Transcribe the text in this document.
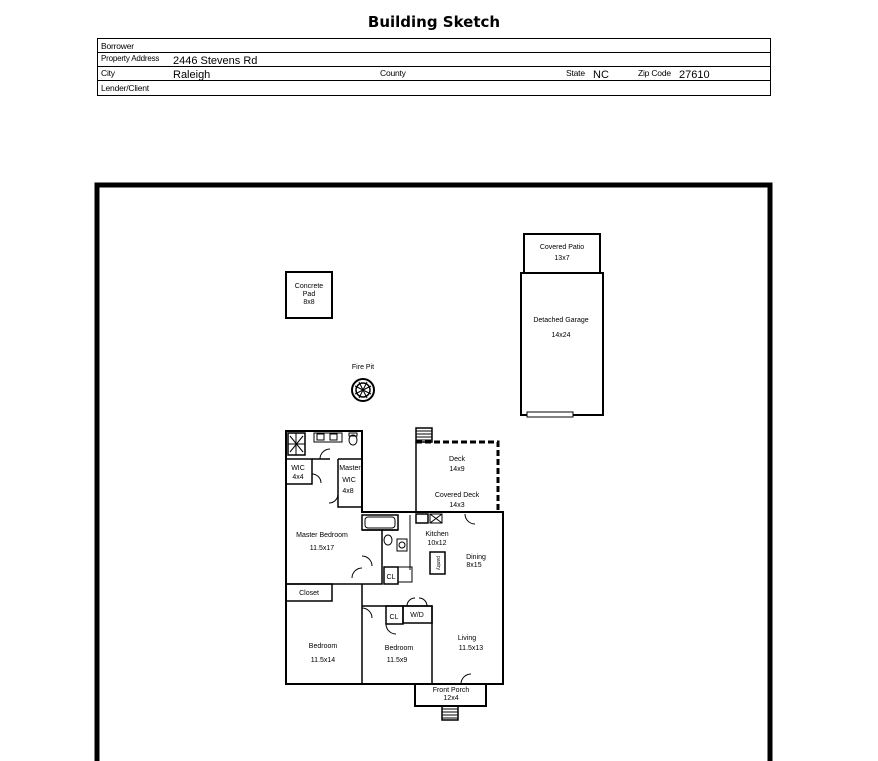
Building Sketch
Borrower
Property Address 2446 Stevens Rd
City	Raleigh	County	State NC	Zip Code 27610
Lender/Client
Covered Patio
13x7
Detached Garage
14x24
Concrete
Pad
8x8
Fire Pit
Deck
14x9
Covered Deck
14x3
WIC
4x4
Master
WIC
4x8
Master Bedroom
11.5x17
CL
Kitchen
10x12
pantry	Dining
8x15
Closet
CL W/D
Bedroom
11.5x14
Bedroom
11.5x9
Living
11.5x13
Front Porch
12x4
